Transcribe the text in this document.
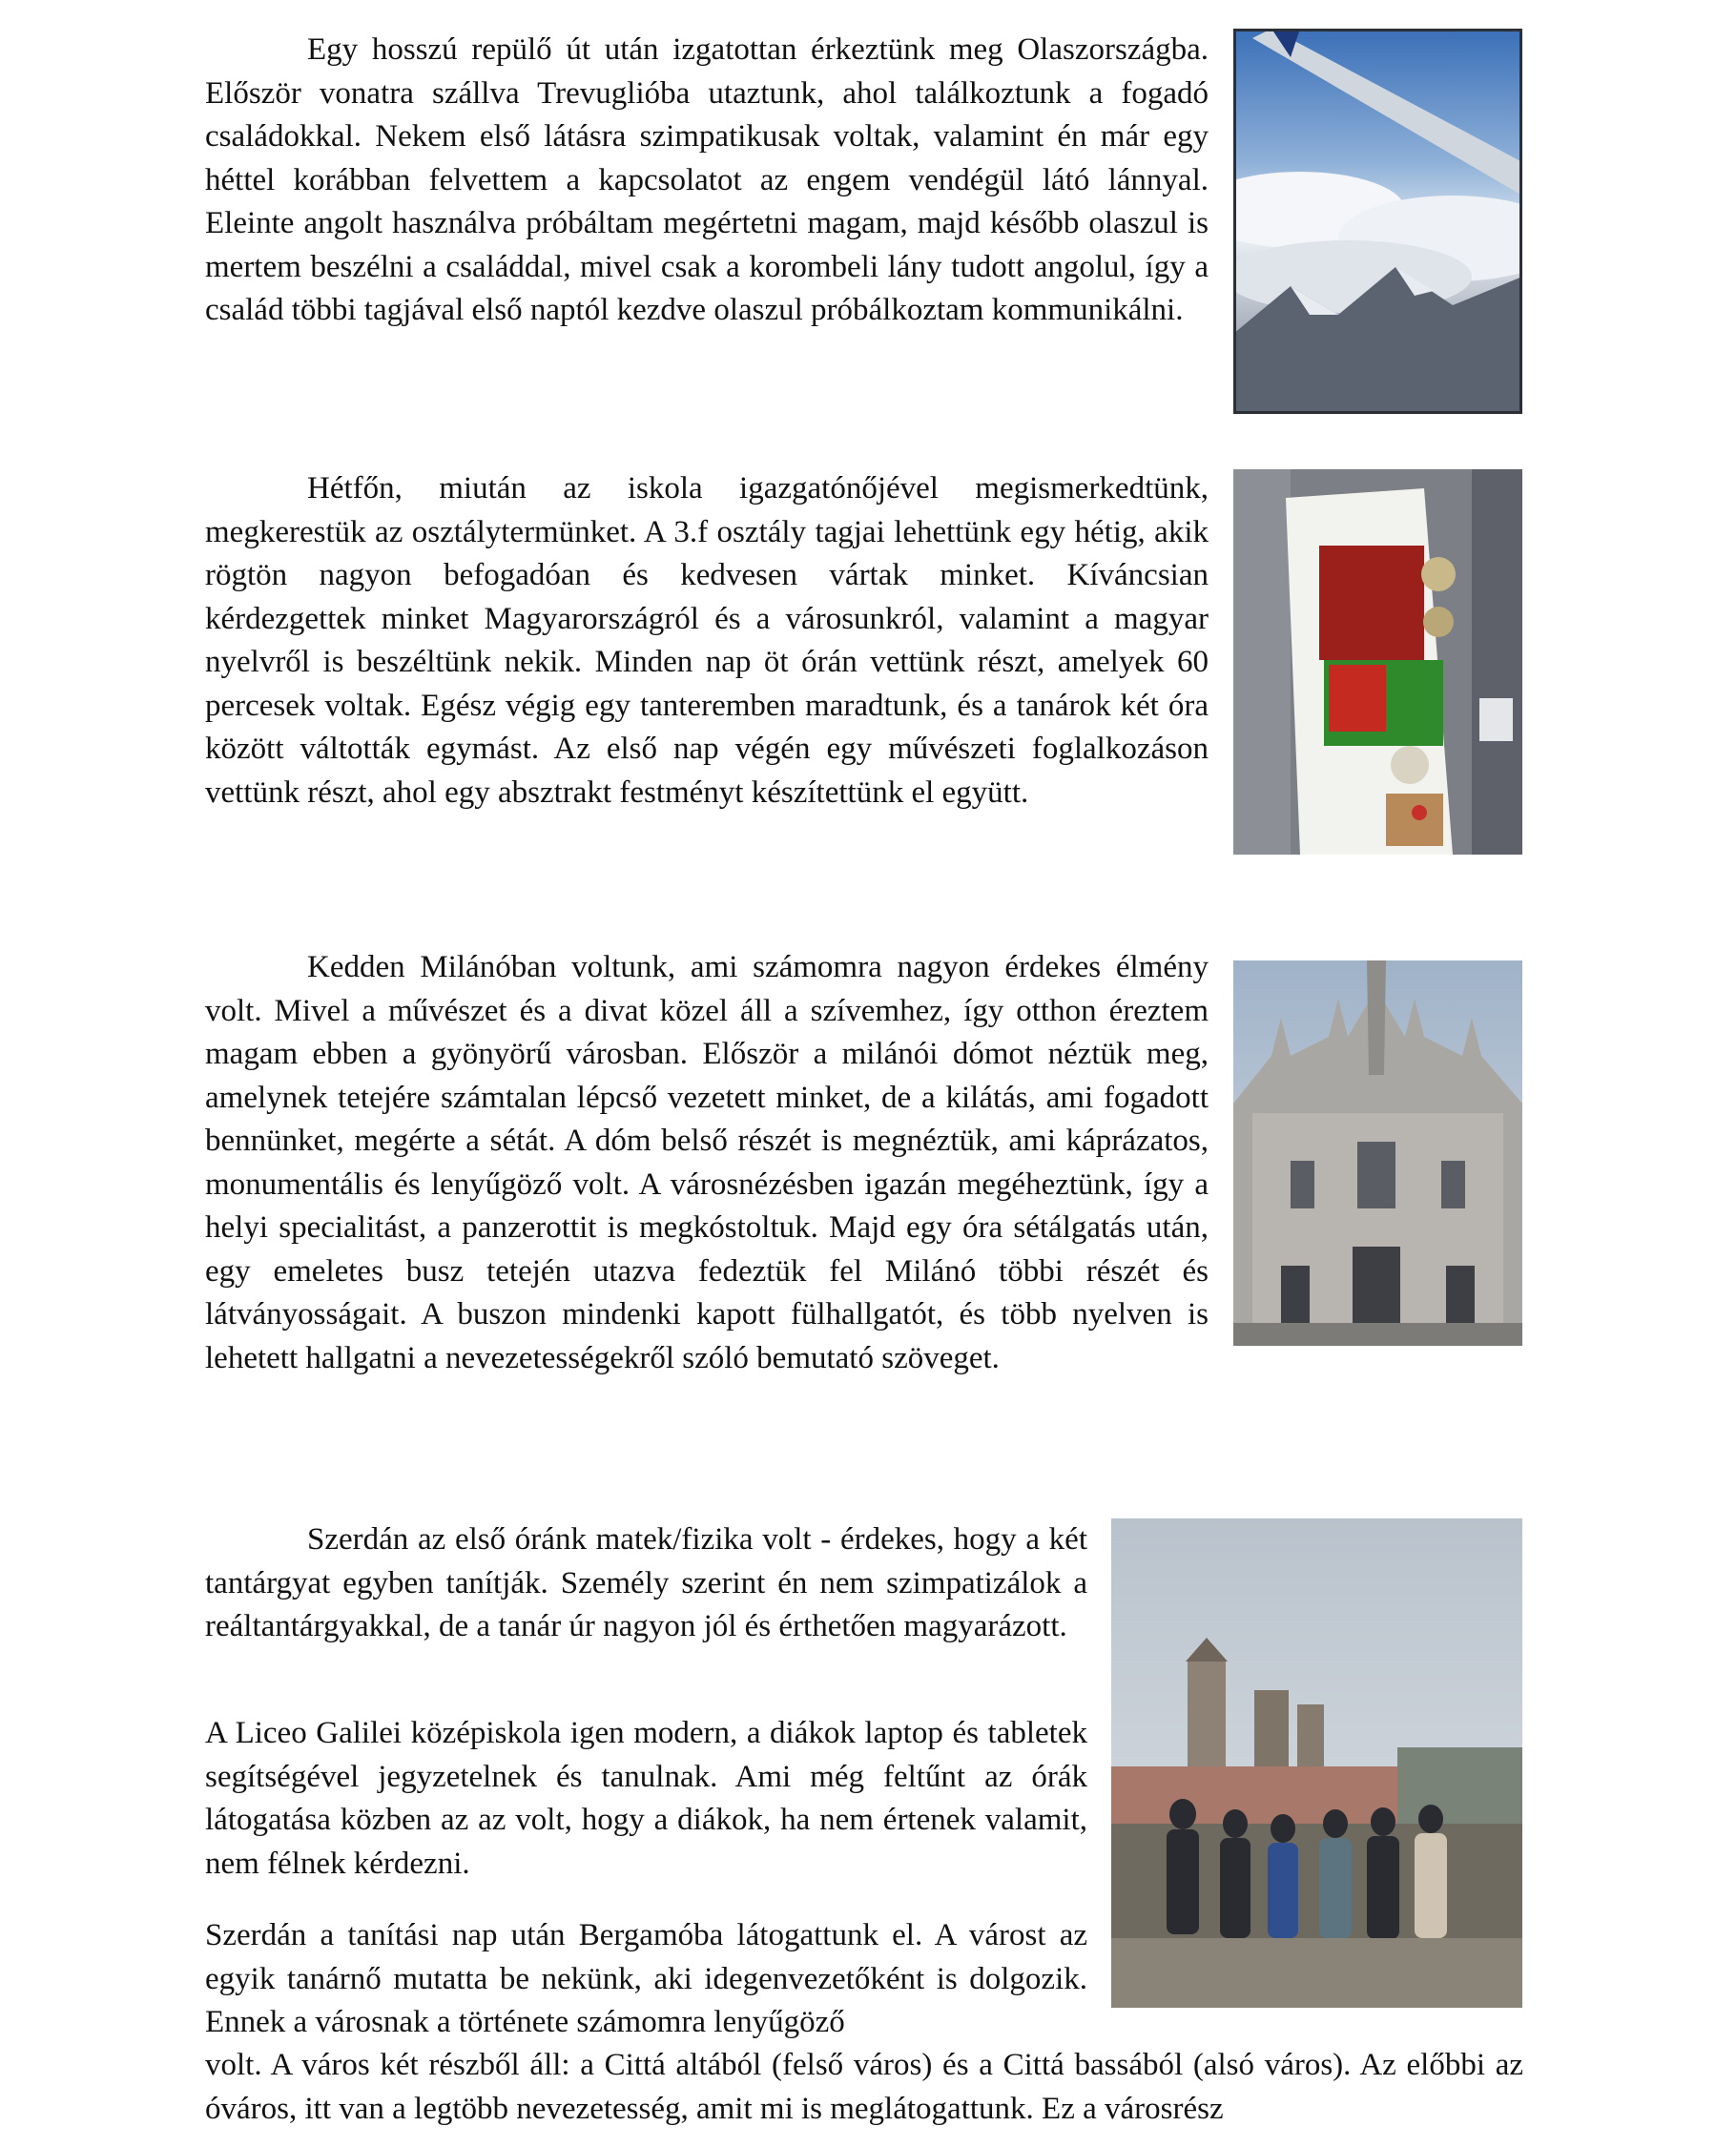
Egy hosszú repülő út után izgatottan érkeztünk meg Olaszországba. Először vonatra szállva Trevuglióba utaztunk, ahol találkoztunk a fogadó családokkal. Nekem első látásra szimpatikusak voltak, valamint én már egy héttel korábban felvettem a kapcsolatot az engem vendégül látó lánnyal. Eleinte angolt használva próbáltam megértetni magam, majd később olaszul is mertem beszélni a családdal, mivel csak a korombeli lány tudott angolul, így a család többi tagjával első naptól kezdve olaszul próbálkoztam kommunikálni.

Hétfőn, miután az iskola igazgatónőjével megismerkedtünk, megkerestük az osztálytermünket. A 3.f osztály tagjai lehettünk egy hétig, akik rögtön nagyon befogadóan és kedvesen vártak minket. Kíváncsian kérdezgettek minket Magyarországról és a városunkról, valamint a magyar nyelvről is beszéltünk nekik. Minden nap öt órán vettünk részt, amelyek 60 percesek voltak. Egész végig egy tanteremben maradtunk, és a tanárok két óra között váltották egymást. Az első nap végén egy művészeti foglalkozáson vettünk részt, ahol egy absztrakt festményt készítettünk el együtt.

Kedden Milánóban voltunk, ami számomra nagyon érdekes élmény volt. Mivel a művészet és a divat közel áll a szívemhez, így otthon éreztem magam ebben a gyönyörű városban. Először a milánói dómot néztük meg, amelynek tetejére számtalan lépcső vezetett minket, de a kilátás, ami fogadott bennünket, megérte a sétát. A dóm belső részét is megnéztük, ami káprázatos, monumentális és lenyűgöző volt. A városnézésben igazán megéheztünk, így a helyi specialitást, a panzerottit is megkóstoltuk. Majd egy óra sétálgatás után, egy emeletes busz tetején utazva fedeztük fel Milánó többi részét és látványosságait. A buszon mindenki kapott fülhallgatót, és több nyelven is lehetett hallgatni a nevezetességekről szóló bemutató szöveget.

Szerdán az első óránk matek/fizika volt - érdekes, hogy a két tantárgyat egyben tanítják. Személy szerint én nem szimpatizálok a reáltantárgyakkal, de a tanár úr nagyon jól és érthetően magyarázott.

A Liceo Galilei középiskola igen modern, a diákok laptop és tabletek segítségével jegyzetelnek és tanulnak. Ami még feltűnt az órák látogatása közben az az volt, hogy a diákok, ha nem értenek valamit, nem félnek kérdezni.

Szerdán a tanítási nap után Bergamóba látogattunk el. A várost az egyik tanárnő mutatta be nekünk, aki idegenvezetőként is dolgozik. Ennek a városnak a története számomra lenyűgöző

volt. A város két részből áll: a Cittá altából (felső város) és a Cittá bassából (alsó város). Az előbbi az óváros, itt van a legtöbb nevezetesség, amit mi is meglátogattunk. Ez a városrész
